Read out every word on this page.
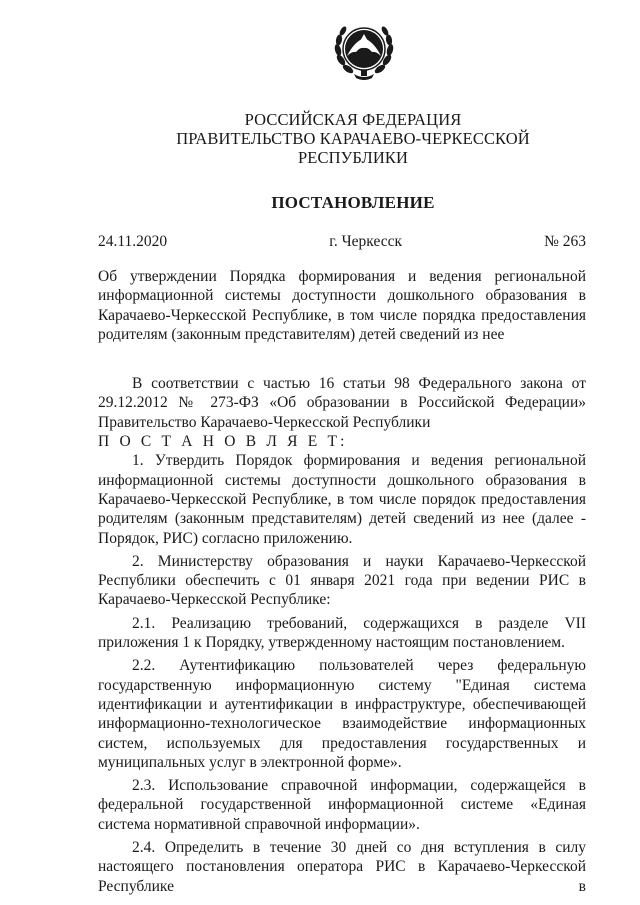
РОССИЙСКАЯ ФЕДЕРАЦИЯ
ПРАВИТЕЛЬСТВО КАРАЧАЕВО-ЧЕРКЕССКОЙ РЕСПУБЛИКИ
ПОСТАНОВЛЕНИЕ
24.11.2020	г. Черкесск	№ 263
Об утверждении Порядка формирования и ведения региональной информационной системы доступности дошкольного образования в Карачаево-Черкесской Республике, в том числе порядка предоставления родителям (законным представителям) детей сведений из нее

В соответствии с частью 16 статьи 98 Федерального закона от 29.12.2012 № 273-ФЗ «Об образовании в Российской Федерации» Правительство Карачаево-Черкесской Республики

П О С Т А Н О В Л Я Е Т:

1. Утвердить Порядок формирования и ведения региональной информационной системы доступности дошкольного образования в Карачаево-Черкесской Республике, в том числе порядок предоставления родителям (законным представителям) детей сведений из нее (далее - Порядок, РИС) согласно приложению.

2. Министерству образования и науки Карачаево-Черкесской Республики обеспечить с 01 января 2021 года при ведении РИС в Карачаево-Черкесской Республике:

2.1. Реализацию требований, содержащихся в разделе VII приложения 1 к Порядку, утвержденному настоящим постановлением.

2.2. Аутентификацию пользователей через федеральную государственную информационную систему "Единая система идентификации и аутентификации в инфраструктуре, обеспечивающей информационно-технологическое взаимодействие информационных систем, используемых для предоставления государственных и муниципальных услуг в электронной форме».

2.3. Использование справочной информации, содержащейся в федеральной государственной информационной системе «Единая система нормативной справочной информации».

2.4. Определить в течение 30 дней со дня вступления в силу настоящего постановления оператора РИС в Карачаево-Черкесской Республике в
